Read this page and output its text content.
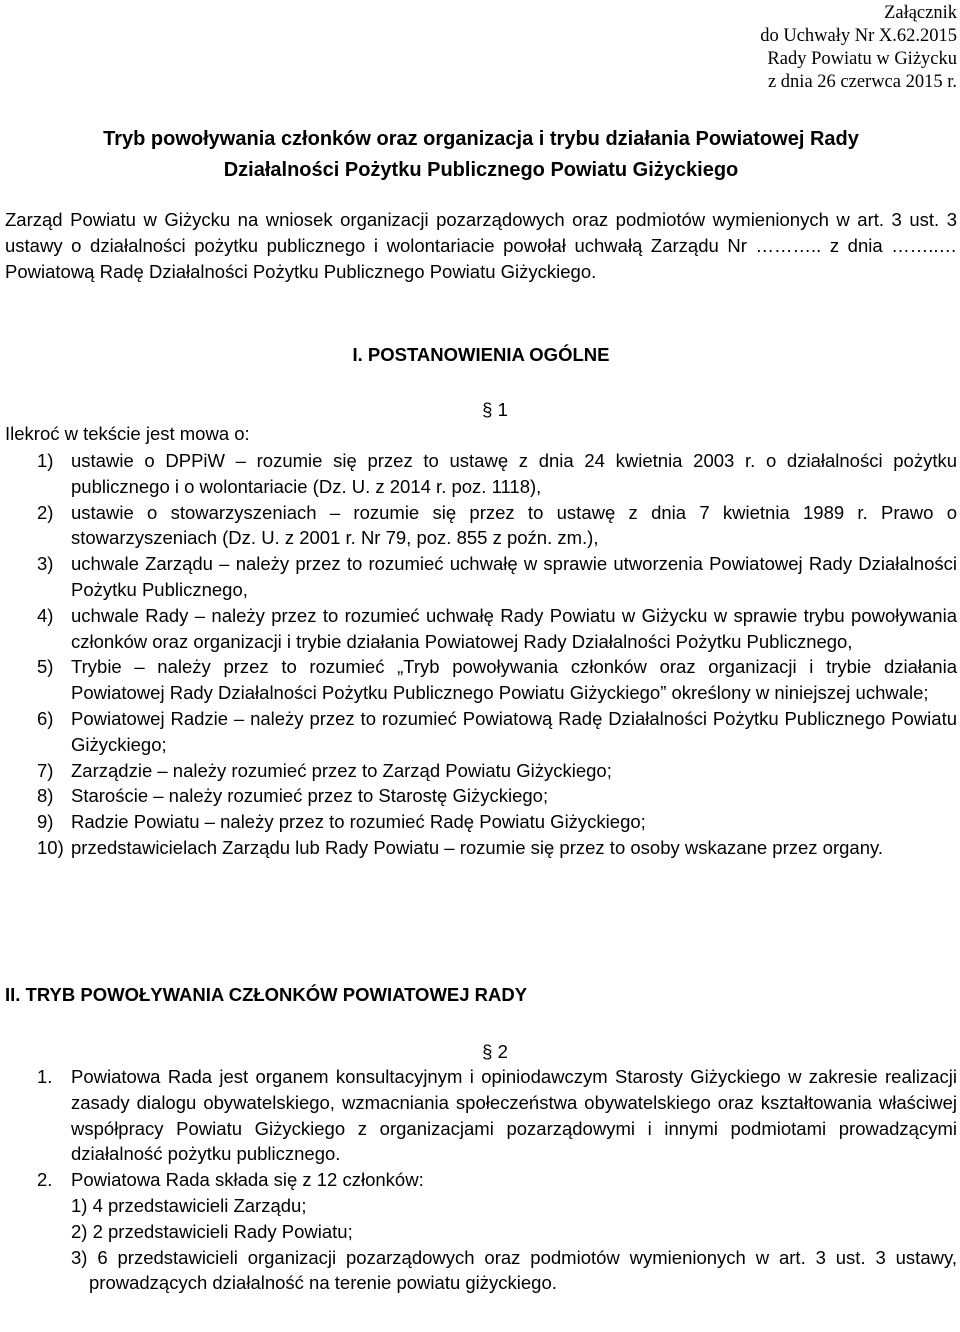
Załącznik
do Uchwały Nr X.62.2015
Rady Powiatu w Giżycku
z dnia 26 czerwca 2015 r.
Tryb powoływania członków oraz organizacja i trybu działania Powiatowej Rady
Działalności Pożytku Publicznego Powiatu Giżyckiego
Zarząd Powiatu w Giżycku na wniosek organizacji pozarządowych oraz podmiotów wymienionych w art. 3 ust. 3 ustawy o działalności pożytku publicznego i wolontariacie powołał uchwałą Zarządu Nr ……….. z dnia ……..… Powiatową Radę Działalności Pożytku Publicznego Powiatu Giżyckiego.
I. POSTANOWIENIA OGÓLNE
§ 1
Ilekroć w tekście jest mowa o:
1) ustawie o DPPiW – rozumie się przez to ustawę z dnia 24 kwietnia 2003 r. o działalności pożytku publicznego i o wolontariacie (Dz. U. z 2014 r. poz. 1118),
2) ustawie o stowarzyszeniach – rozumie się przez to ustawę z dnia 7 kwietnia 1989 r. Prawo o stowarzyszeniach (Dz. U. z 2001 r. Nr 79, poz. 855 z poźn. zm.),
3) uchwale Zarządu – należy przez to rozumieć uchwałę w sprawie utworzenia Powiatowej Rady Działalności Pożytku Publicznego,
4) uchwale Rady – należy przez to rozumieć uchwałę Rady Powiatu w Giżycku w sprawie trybu powoływania członków oraz organizacji i trybie działania Powiatowej Rady Działalności Pożytku Publicznego,
5) Trybie – należy przez to rozumieć „Tryb powoływania członków oraz organizacji i trybie działania Powiatowej Rady Działalności Pożytku Publicznego Powiatu Giżyckiego” określony w niniejszej uchwale;
6) Powiatowej Radzie – należy przez to rozumieć Powiatową Radę Działalności Pożytku Publicznego Powiatu Giżyckiego;
7) Zarządzie – należy rozumieć przez to Zarząd Powiatu Giżyckiego;
8) Staroście – należy rozumieć przez to Starostę Giżyckiego;
9) Radzie Powiatu – należy przez to rozumieć Radę Powiatu Giżyckiego;
10) przedstawicielach Zarządu lub Rady Powiatu – rozumie się przez to osoby wskazane przez organy.
II. TRYB POWOŁYWANIA CZŁONKÓW POWIATOWEJ RADY
§ 2
1. Powiatowa Rada jest organem konsultacyjnym i opiniodawczym Starosty Giżyckiego w zakresie realizacji zasady dialogu obywatelskiego, wzmacniania społeczeństwa obywatelskiego oraz kształtowania właściwej współpracy Powiatu Giżyckiego z organizacjami pozarządowymi i innymi podmiotami prowadzącymi działalność pożytku publicznego.
2. Powiatowa Rada składa się z 12 członków:
1) 4 przedstawicieli Zarządu;
2) 2 przedstawicieli Rady Powiatu;
3) 6 przedstawicieli organizacji pozarządowych oraz podmiotów wymienionych w art. 3 ust. 3 ustawy, prowadzących działalność na terenie powiatu giżyckiego.
